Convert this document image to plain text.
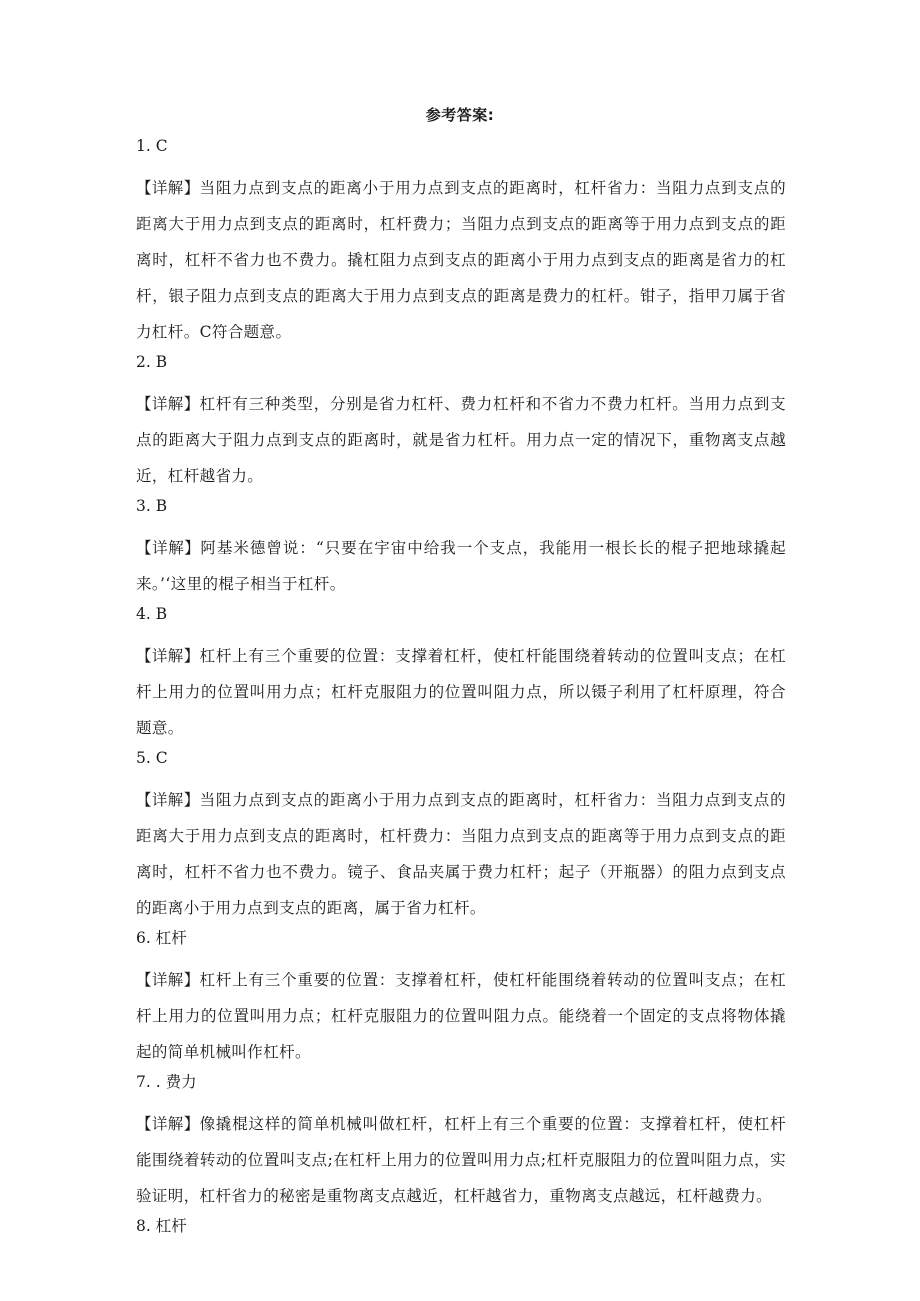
参考答案:

1. C

【详解】当阻力点到支点的距离小于用力点到支点的距离时，杠杆省力：当阻力点到支点的距离大于用力点到支点的距离时，杠杆费力；当阻力点到支点的距离等于用力点到支点的距离时，杠杆不省力也不费力。撬杠阻力点到支点的距离小于用力点到支点的距离是省力的杠杆，银子阻力点到支点的距离大于用力点到支点的距离是费力的杠杆。钳子，指甲刀属于省力杠杆。C符合题意。

2. B

【详解】杠杆有三种类型，分别是省力杠杆、费力杠杆和不省力不费力杠杆。当用力点到支点的距离大于阻力点到支点的距离时，就是省力杠杆。用力点一定的情况下，重物离支点越近，杠杆越省力。

3. B

【详解】阿基米德曾说：“只要在宇宙中给我一个支点，我能用一根长长的棍子把地球撬起来。’‘这里的棍子相当于杠杆。

4. B

【详解】杠杆上有三个重要的位置：支撑着杠杆，使杠杆能围绕着转动的位置叫支点；在杠杆上用力的位置叫用力点；杠杆克服阻力的位置叫阻力点，所以镊子利用了杠杆原理，符合题意。

5. C

【详解】当阻力点到支点的距离小于用力点到支点的距离时，杠杆省力：当阻力点到支点的距离大于用力点到支点的距离时，杠杆费力：当阻力点到支点的距离等于用力点到支点的距离时，杠杆不省力也不费力。镜子、食品夹属于费力杠杆；起子（开瓶器）的阻力点到支点的距离小于用力点到支点的距离，属于省力杠杆。

6. 杠杆

【详解】杠杆上有三个重要的位置：支撑着杠杆，使杠杆能围绕着转动的位置叫支点；在杠杆上用力的位置叫用力点；杠杆克服阻力的位置叫阻力点。能绕着一个固定的支点将物体撬起的简单机械叫作杠杆。

7. . 费力

【详解】像撬棍这样的简单机械叫做杠杆，杠杆上有三个重要的位置：支撑着杠杆，使杠杆能围绕着转动的位置叫支点;在杠杆上用力的位置叫用力点;杠杆克服阻力的位置叫阻力点，实验证明，杠杆省力的秘密是重物离支点越近，杠杆越省力，重物离支点越远，杠杆越费力。

8. 杠杆
